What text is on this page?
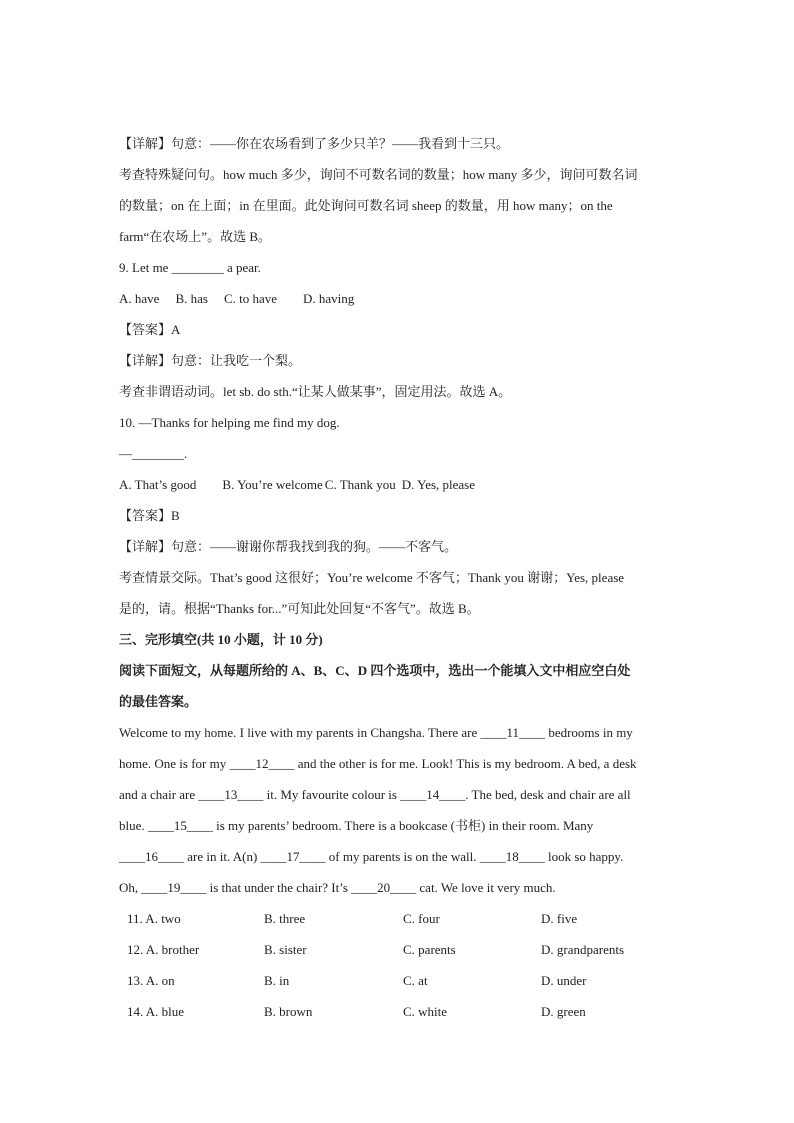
【详解】句意：——你在农场看到了多少只羊？——我看到十三只。
考查特殊疑问句。how much 多少，询问不可数名词的数量；how many 多少，询问可数名词
的数量；on 在上面；in 在里面。此处询问可数名词 sheep 的数量，用 how many；on the
farm“在农场上”。故选 B。
9. Let me ________ a pear.
A. have B. has C. to have D. having
【答案】A
【详解】句意：让我吃一个梨。
考查非谓语动词。let sb. do sth.“让某人做某事”，固定用法。故选 A。
10. —Thanks for helping me find my dog.
—________.
A. That’s good B. You’re welcome C. Thank you D. Yes, please
【答案】B
【详解】句意：——谢谢你帮我找到我的狗。——不客气。
考查情景交际。That’s good 这很好；You’re welcome 不客气；Thank you 谢谢；Yes, please
是的，请。根据“Thanks for...”可知此处回复“不客气”。故选 B。
三、完形填空(共 10 小题，计 10 分)
阅读下面短文，从每题所给的 A、B、C、D 四个选项中，选出一个能填入文中相应空白处
的最佳答案。
Welcome to my home. I live with my parents in Changsha. There are ____11____ bedrooms in my
home. One is for my ____12____ and the other is for me. Look! This is my bedroom. A bed, a desk
and a chair are ____13____ it. My favourite colour is ____14____. The bed, desk and chair are all
blue. ____15____ is my parents’ bedroom. There is a bookcase (书柜) in their room. Many
____16____ are in it. A(n) ____17____ of my parents is on the wall. ____18____ look so happy.
Oh, ____19____ is that under the chair? It’s ____20____ cat. We love it very much.
11. A. two	B. three	C. four	D. five
12. A. brother	B. sister	C. parents	D. grandparents
13. A. on	B. in	C. at	D. under
14. A. blue	B. brown	C. white	D. green
